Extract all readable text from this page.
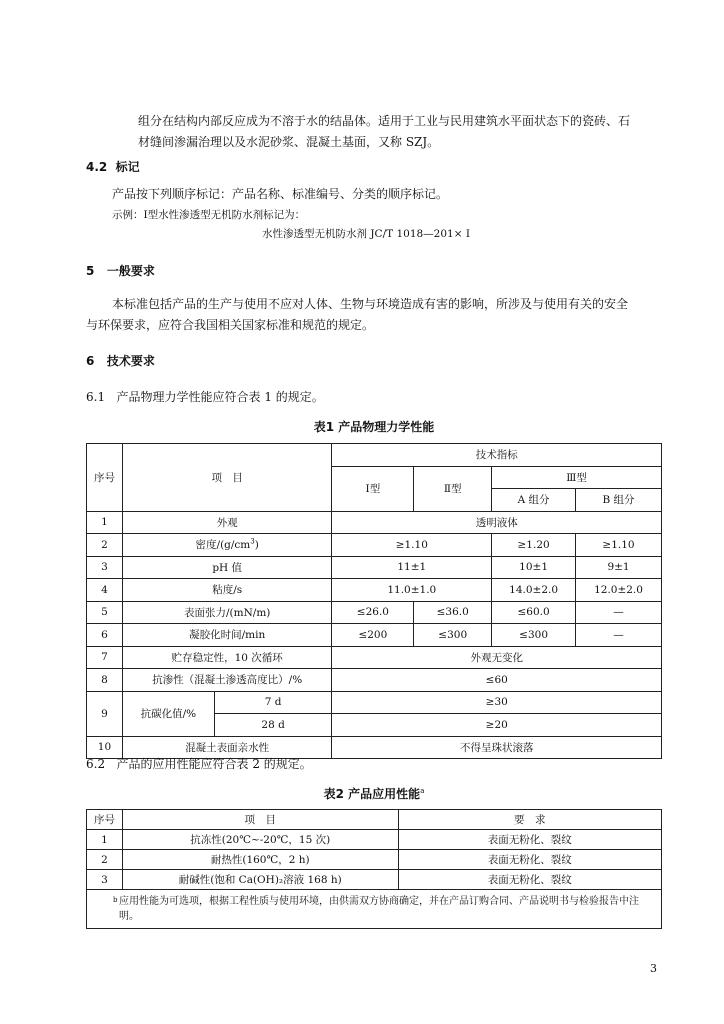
组分在结构内部反应成为不溶于水的结晶体。适用于工业与民用建筑水平面状态下的瓷砖、石
材缝间渗漏治理以及水泥砂浆、混凝土基面，又称 SZJ。
4.2 标记
产品按下列顺序标记：产品名称、标准编号、分类的顺序标记。
示例：Ⅰ型水性渗透型无机防水剂标记为：
水性渗透型无机防水剂 JC/T 1018—201× Ⅰ
5 一般要求
本标准包括产品的生产与使用不应对人体、生物与环境造成有害的影响，所涉及与使用有关的安全
与环保要求，应符合我国相关国家标准和规范的规定。
6 技术要求
6.1 产品物理力学性能应符合表 1 的规定。
表1 产品物理力学性能
序号	项　目		技术指标			
			Ⅰ型	Ⅱ型	Ⅲ型	
					A 组分	B 组分
1	外观		透明液体			
2	密度$/(g/cm^3)$		≥1.10		≥1.20	≥1.10
3	pH 值		11±1		10±1	9±1
4	粘度/s		11.0±1.0		14.0±2.0	12.0±2.0
5	表面张力/(mN/m)		≤26.0	≤36.0	≤60.0	—
6	凝胶化时间/min		≤200	≤300	≤300	—
7	贮存稳定性，10 次循环		外观无变化			
8	抗渗性（混凝土渗透高度比）/%		≤60			
9	抗碳化值/%	7 d	≥30			
		28 d	≥20			
10	混凝土表面亲水性		不得呈珠状滚落			
6.2 产品的应用性能应符合表 2 的规定。
表2 产品应用性能$^a$
序号	项　目	要　求
1	抗冻性(20℃~-20℃，15 次)	表面无粉化、裂纹
2	耐热性(160℃，2 h)	表面无粉化、裂纹
3	耐碱性(饱和 Ca(OH)₂溶液 168 h)	表面无粉化、裂纹

b 应用性能为可选项，根据工程性质与使用环境，由供需双方协商确定，并在产品订购合同、产品说明书与检验报告中注明。		
3
